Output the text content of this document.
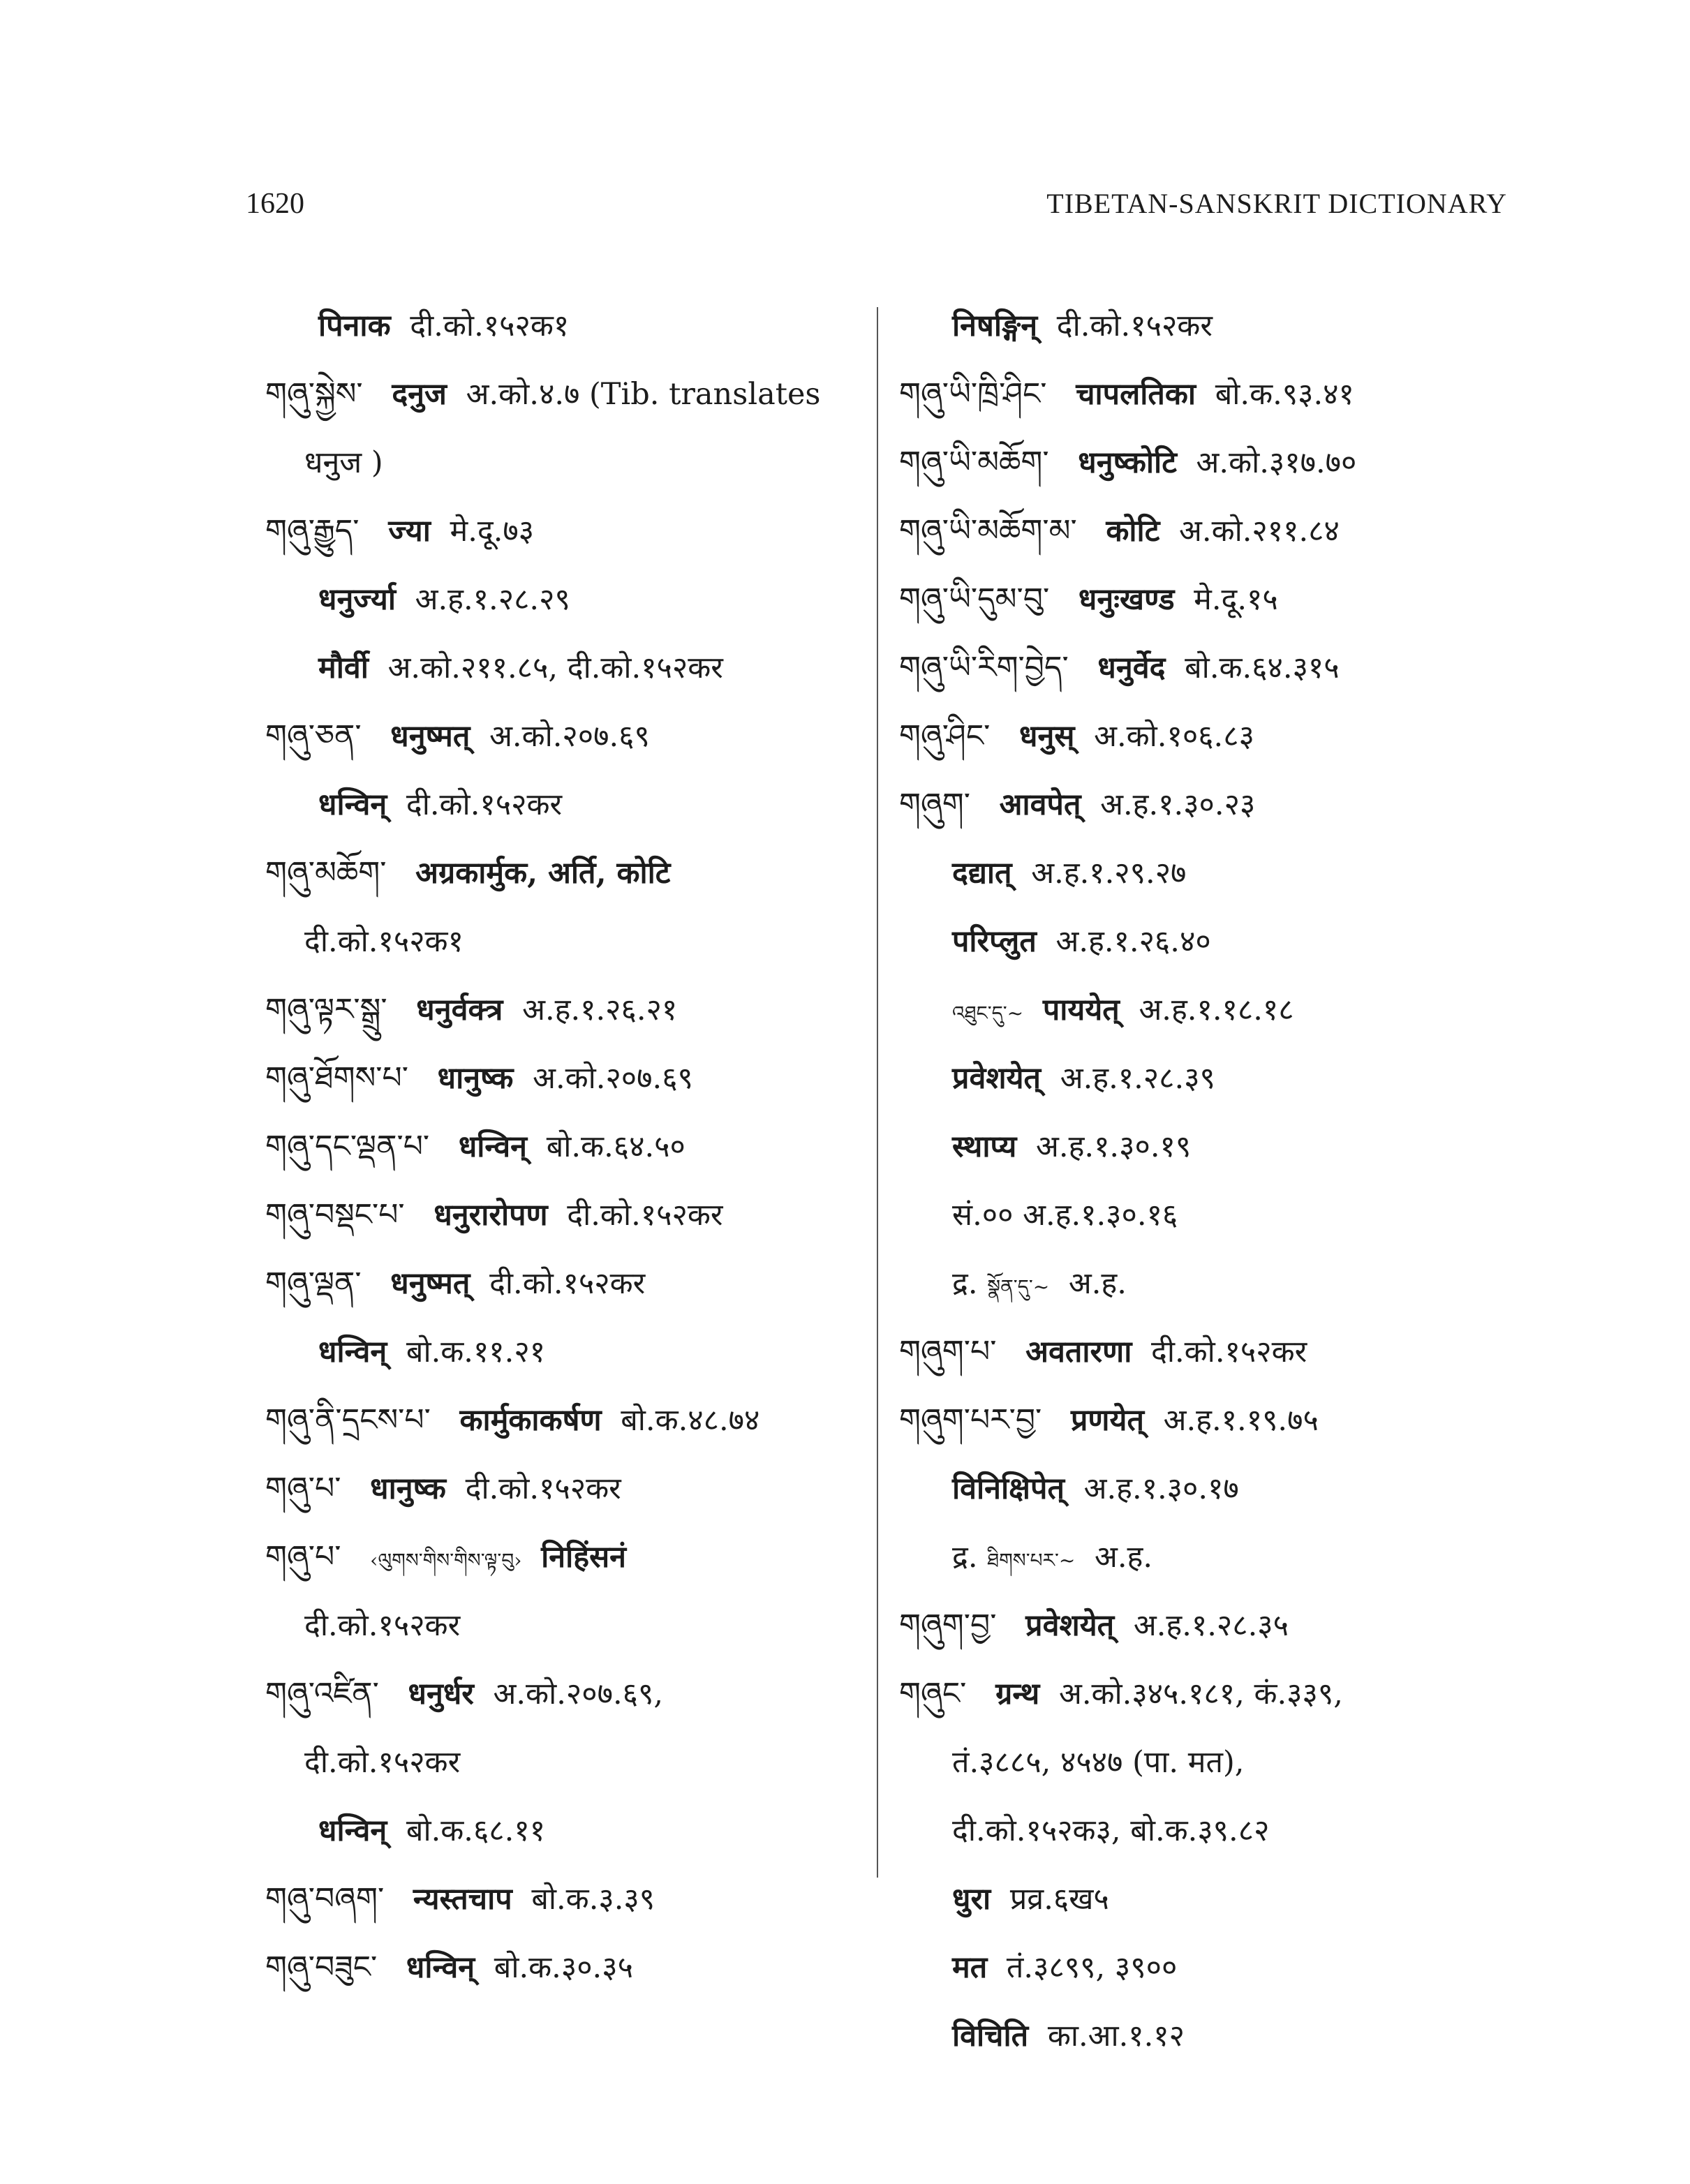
1620	TIBETAN-SANSKRIT DICTIONARY
पिनाक दी.को.१५२क१
གཞུ་སྐྱེས་ दनुज अ.को.४.७ (Tib. translates
धनुज )
གཞུ་རྒྱུད་ ज्या मे.दू.७३
धनुर्ज्या अ.ह.१.२८.२९
मौर्वी अ.को.२११.८५, दी.को.१५२कर
གཞུ་ཅན་ धनुष्मत् अ.को.२०७.६९
धन्विन् दी.को.१५२कर
གཞུ་མཆོག་ अग्रकार्मुक, अर्ति, कोटि
दी.को.१५२क१
གཞུ་ལྟར་སྒྲུ་ धनुर्वक्त्र अ.ह.१.२६.२१
གཞུ་ཐོགས་པ་ धानुष्क अ.को.२०७.६९
གཞུ་དང་ལྡན་པ་ धन्विन् बो.क.६४.५०
གཞུ་བསྡང་པ་ धनुरारोपण दी.को.१५२कर
གཞུ་ལྡན་ धनुष्मत् दी.को.१५२कर
धन्विन् बो.क.११.२१
གཞུ་ནི་དྲངས་པ་ कार्मुकाकर्षण बो.क.४८.७४
གཞུ་པ་ धानुष्क दी.को.१५२कर
གཞུ་པ་ ‹ལུགས་གིས་གིས་ལྟ་བུ› निहिंसनं
दी.को.१५२कर
གཞུ་འཛིན་ धनुर्धर अ.को.२०७.६९,
दी.को.१५२कर
धन्विन् बो.क.६८.११
གཞུ་བཞག་ न्यस्तचाप बो.क.३.३९
གཞུ་བཟུང་ धन्विन् बो.क.३०.३५
निषङ्गिन् दी.को.१५२कर
གཞུ་ཡི་ཁྲི་ཤིང་ चापलतिका बो.क.९३.४१
གཞུ་ཡི་མཆོག་ धनुष्कोटि अ.को.३१७.७०
གཞུ་ཡི་མཆོག་མ་ कोटि अ.को.२११.८४
གཞུ་ཡི་དུམ་བུ་ धनुःखण्ड मे.दू.१५
གཞུ་ཡི་རིག་བྱེད་ धनुर्वेद बो.क.६४.३१५
གཞུ་ཤིང་ धनुस् अ.को.१०६.८३
གཞུག་ आवपेत् अ.ह.१.३०.२३
दद्यात् अ.ह.१.२९.२७
परिप्लुत अ.ह.१.२६.४०
འཐུང་དུ་~ पाययेत् अ.ह.१.१८.१८
प्रवेशयेत् अ.ह.१.२८.३९
स्थाप्य अ.ह.१.३०.१९
सं.०० अ.ह.१.३०.१६
द्र. སྣོན་དུ་~ अ.ह.
གཞུག་པ་ अवतारणा दी.को.१५२कर
གཞུག་པར་བྱ་ प्रणयेत् अ.ह.१.१९.७५
विनिक्षिपेत् अ.ह.१.३०.१७
द्र. ཐིགས་པར་~ अ.ह.
གཞུག་བྱ་ प्रवेशयेत् अ.ह.१.२८.३५
གཞུང་ ग्रन्थ अ.को.३४५.१८१, कं.३३९,
तं.३८८५, ४५४७ (पा. मत),
दी.को.१५२क३, बो.क.३९.८२
धुरा प्रव्र.६ख५
मत तं.३८९९, ३९००
विचिति का.आ.१.१२
